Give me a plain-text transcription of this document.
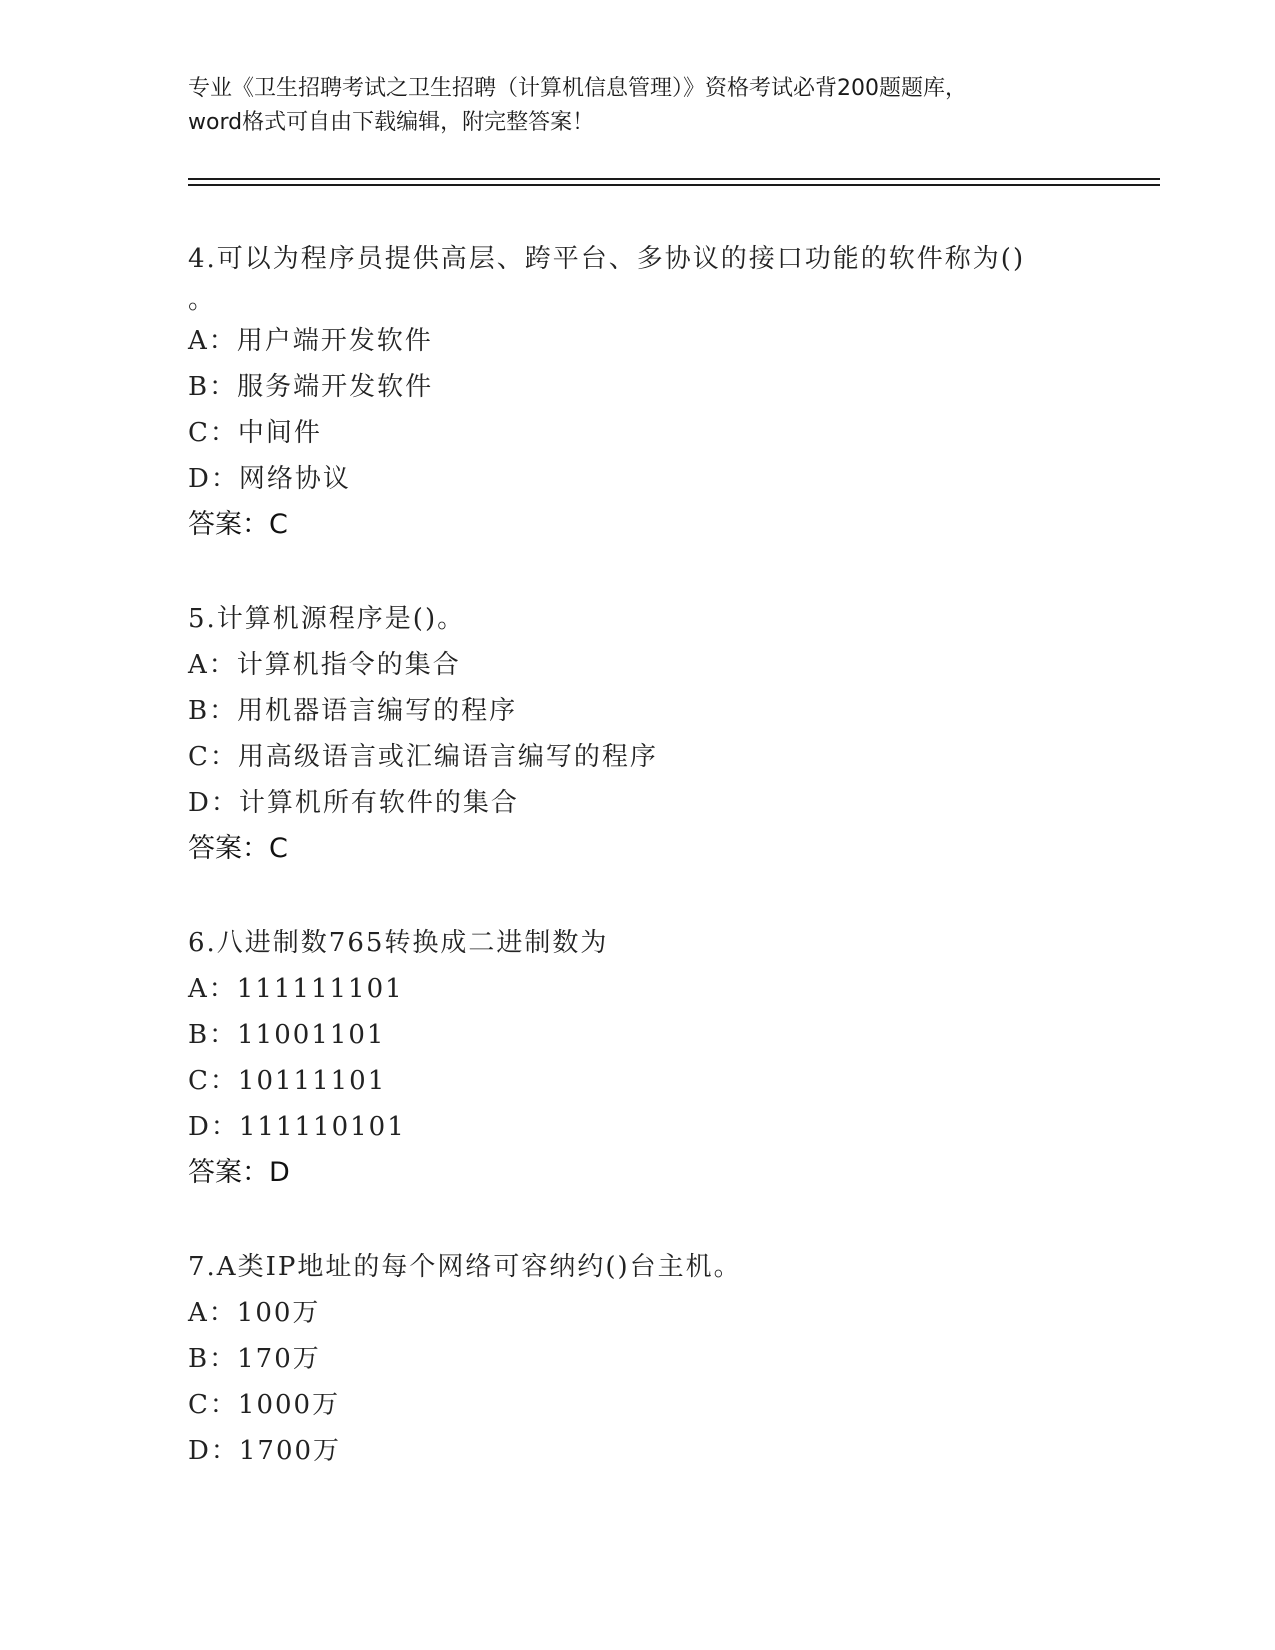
专业《卫生招聘考试之卫生招聘（计算机信息管理）》资格考试必背200题题库，
word格式可自由下载编辑，附完整答案！
4.可以为程序员提供高层、跨平台、多协议的接口功能的软件称为()
。
A：用户端开发软件
B：服务端开发软件
C：中间件
D：网络协议
答案：C
5.计算机源程序是()。
A：计算机指令的集合
B：用机器语言编写的程序
C：用高级语言或汇编语言编写的程序
D：计算机所有软件的集合
答案：C
6.八进制数765转换成二进制数为
A：111111101
B：11001101
C：10111101
D：111110101
答案：D
7.A类IP地址的每个网络可容纳约()台主机。
A：100万
B：170万
C：1000万
D：1700万
